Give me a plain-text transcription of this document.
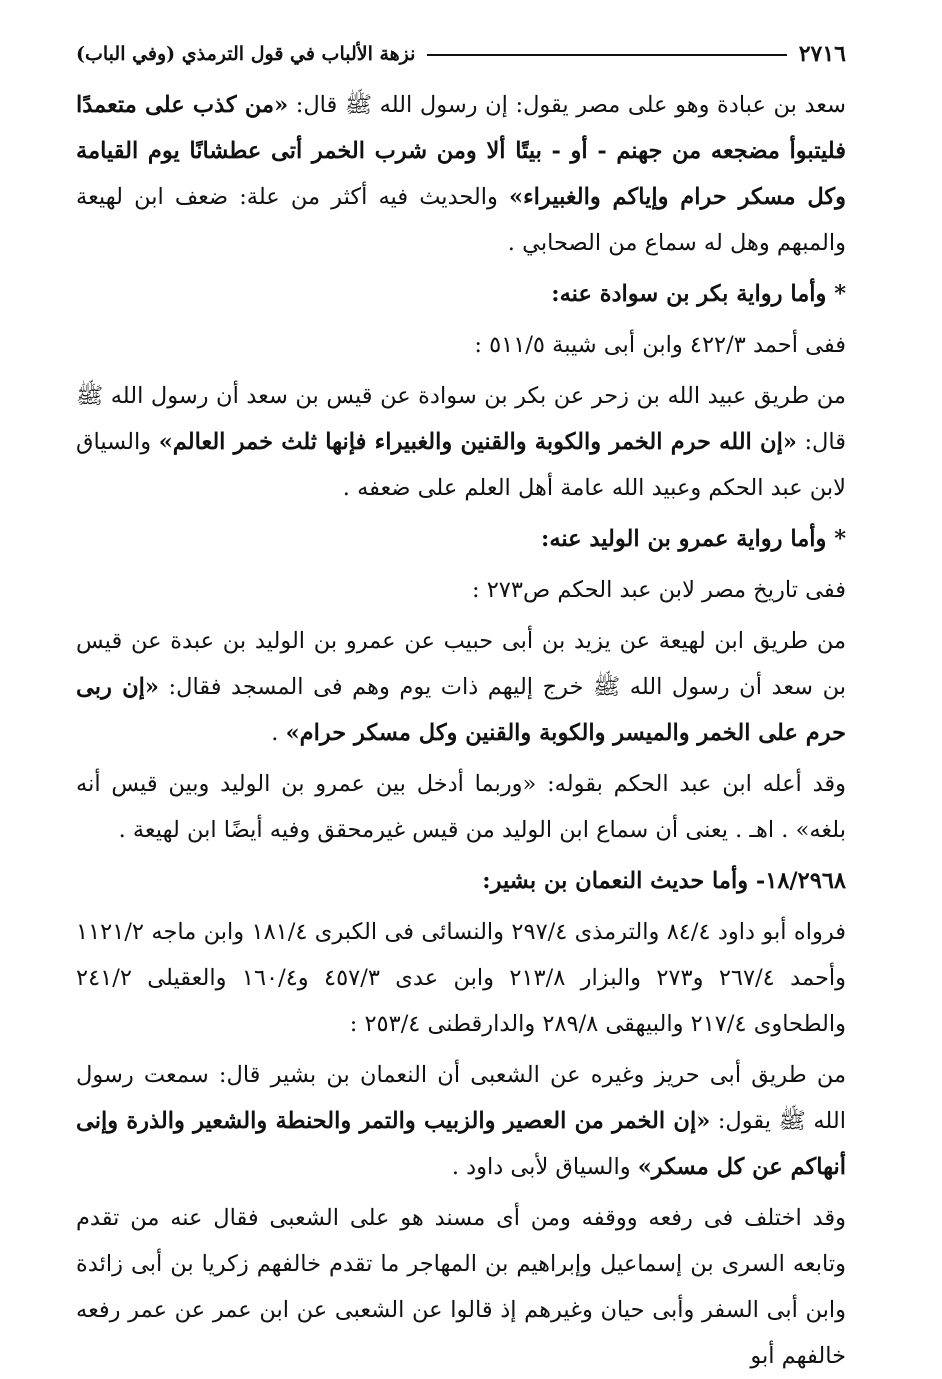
٢٧١٦
نزهة الألباب في قول الترمذي (وفي الباب)

سعد بن عبادة وهو على مصر يقول: إن رسول الله ﷺ قال: «من كذب على متعمدًا فليتبوأ مضجعه من جهنم - أو - بيتًا ألا ومن شرب الخمر أتى عطشانًا يوم القيامة وكل مسكر حرام وإياكم والغبيراء» والحديث فيه أكثر من علة: ضعف ابن لهيعة والمبهم وهل له سماع من الصحابي .

* وأما رواية بكر بن سوادة عنه:

ففى أحمد ٤٢٢/٣ وابن أبى شيبة ٥١١/٥ :

من طريق عبيد الله بن زحر عن بكر بن سوادة عن قيس بن سعد أن رسول الله ﷺ قال: «إن الله حرم الخمر والكوبة والقنين والغبيراء فإنها ثلث خمر العالم» والسياق لابن عبد الحكم وعبيد الله عامة أهل العلم على ضعفه .

* وأما رواية عمرو بن الوليد عنه:

ففى تاريخ مصر لابن عبد الحكم ص٢٧٣ :

من طريق ابن لهيعة عن يزيد بن أبى حبيب عن عمرو بن الوليد بن عبدة عن قيس بن سعد أن رسول الله ﷺ خرج إليهم ذات يوم وهم فى المسجد فقال: «إن ربى حرم على الخمر والميسر والكوبة والقنين وكل مسكر حرام» .

وقد أعله ابن عبد الحكم بقوله: «وربما أدخل بين عمرو بن الوليد وبين قيس أنه بلغه» . اهـ . يعنى أن سماع ابن الوليد من قيس غيرمحقق وفيه أيضًا ابن لهيعة .

١٨/٢٩٦٨- وأما حديث النعمان بن بشير:

فرواه أبو داود ٨٤/٤ والترمذى ٢٩٧/٤ والنسائى فى الكبرى ١٨١/٤ وابن ماجه ١١٢١/٢ وأحمد ٢٦٧/٤ و٢٧٣ والبزار ٢١٣/٨ وابن عدى ٤٥٧/٣ و١٦٠/٤ والعقيلى ٢٤١/٢ والطحاوى ٢١٧/٤ والبيهقى ٢٨٩/٨ والدارقطنى ٢٥٣/٤ :

من طريق أبى حريز وغيره عن الشعبى أن النعمان بن بشير قال: سمعت رسول الله ﷺ يقول: «إن الخمر من العصير والزبيب والتمر والحنطة والشعير والذرة وإنى أنهاكم عن كل مسكر» والسياق لأبى داود .

وقد اختلف فى رفعه ووقفه ومن أى مسند هو على الشعبى فقال عنه من تقدم وتابعه السرى بن إسماعيل وإبراهيم بن المهاجر ما تقدم خالفهم زكريا بن أبى زائدة وابن أبى السفر وأبى حيان وغيرهم إذ قالوا عن الشعبى عن ابن عمر عن عمر رفعه خالفهم أبو
